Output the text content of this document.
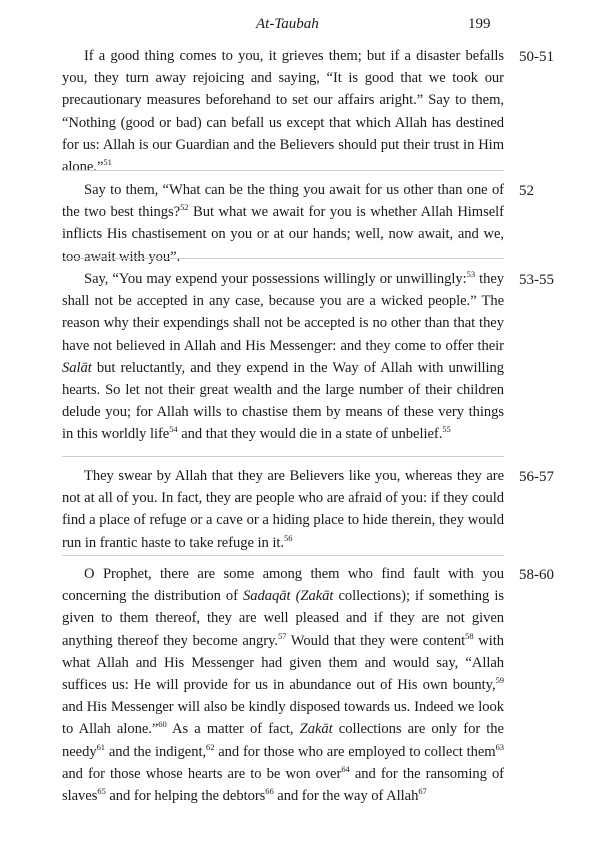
At-Taubah	199

If a good thing comes to you, it grieves them; but if a disaster befalls you, they turn away rejoicing and saying, “It is good that we took our precautionary measures beforehand to set our affairs aright.” Say to them, “Nothing (good or bad) can befall us except that which Allah has destined for us: Allah is our Guardian and the Believers should put their trust in Him alone.”$^{51}$

50-51

Say to them, “What can be the thing you await for us other than one of the two best things?$^{52}$ But what we await for you is whether Allah Himself inflicts His chastisement on you or at our hands; well, now await, and we, too await with you”.

52

Say, “You may expend your possessions willingly or unwillingly:$^{53}$ they shall not be accepted in any case, because you are a wicked people.” The reason why their expendings shall not be accepted is no other than that they have not believed in Allah and His Messenger: and they come to offer their Salāt but reluctantly, and they expend in the Way of Allah with unwilling hearts. So let not their great wealth and the large number of their children delude you; for Allah wills to chastise them by means of these very things in this worldly life$^{54}$ and that they would die in a state of unbelief.$^{55}$

53-55

They swear by Allah that they are Believers like you, whereas they are not at all of you. In fact, they are people who are afraid of you: if they could find a place of refuge or a cave or a hiding place to hide therein, they would run in frantic haste to take refuge in it.$^{56}$

56-57

O Prophet, there are some among them who find fault with you concerning the distribution of Sadaqāt (Zakāt collections); if something is given to them thereof, they are well pleased and if they are not given anything thereof they become angry.$^{57}$ Would that they were content$^{58}$ with what Allah and His Messenger had given them and would say, “Allah suffices us: He will provide for us in abundance out of His own bounty,$^{59}$ and His Messenger will also be kindly disposed towards us. Indeed we look to Allah alone.”$^{60}$ As a matter of fact, Zakāt collections are only for the needy$^{61}$ and the indigent,$^{62}$ and for those who are employed to collect them$^{63}$ and for those whose hearts are to be won over$^{64}$ and for the ransoming of slaves$^{65}$ and for helping the debtors$^{66}$ and for the way of Allah$^{67}$

58-60
